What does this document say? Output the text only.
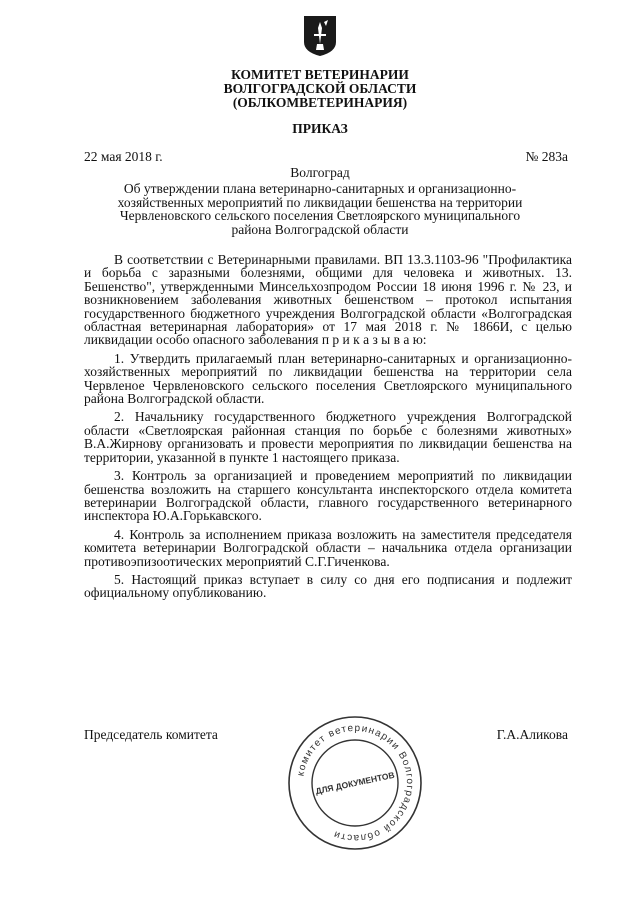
КОМИТЕТ ВЕТЕРИНАРИИ
ВОЛГОГРАДСКОЙ ОБЛАСТИ
(ОБЛКОМВЕТЕРИНАРИЯ)
ПРИКАЗ
22 мая 2018 г.	№ 283а
Волгоград
Об утверждении плана ветеринарно-санитарных и организационно-хозяйственных мероприятий по ликвидации бешенства на территории Червленовского сельского поселения Светлоярского муниципального района Волгоградской области

В соответствии с Ветеринарными правилами. ВП 13.3.1103-96 "Профилактика и борьба с заразными болезнями, общими для человека и животных. 13. Бешенство", утвержденными Минсельхозпродом России 18 июня 1996 г. № 23, и возникновением заболевания животных бешенством – протокол испытания государственного бюджетного учреждения Волгоградской области «Волгоградская областная ветеринарная лаборатория» от 17 мая 2018 г. № 1866И, с целью ликвидации особо опасного заболевания п р и к а з ы в а ю:

1. Утвердить прилагаемый план ветеринарно-санитарных и организационно-хозяйственных мероприятий по ликвидации бешенства на территории села Червленое Червленовского сельского поселения Светлоярского муниципального района Волгоградской области.

2. Начальнику государственного бюджетного учреждения Волгоградской области «Светлоярская районная станция по борьбе с болезнями животных» В.А.Жирнову организовать и провести мероприятия по ликвидации бешенства на территории, указанной в пункте 1 настоящего приказа.

3. Контроль за организацией и проведением мероприятий по ликвидации бешенства возложить на старшего консультанта инспекторского отдела комитета ветеринарии Волгоградской области, главного государственного ветеринарного инспектора Ю.А.Горькавского.

4. Контроль за исполнением приказа возложить на заместителя председателя комитета ветеринарии Волгоградской области – начальника отдела организации противоэпизоотических мероприятий С.Г.Гиченкова.

5. Настоящий приказ вступает в силу со дня его подписания и подлежит официальному опубликованию.

Председатель комитета	Г.А.Аликова
комитет ветеринарии Волгоградской области
ДЛЯ ДОКУМЕНТОВ
